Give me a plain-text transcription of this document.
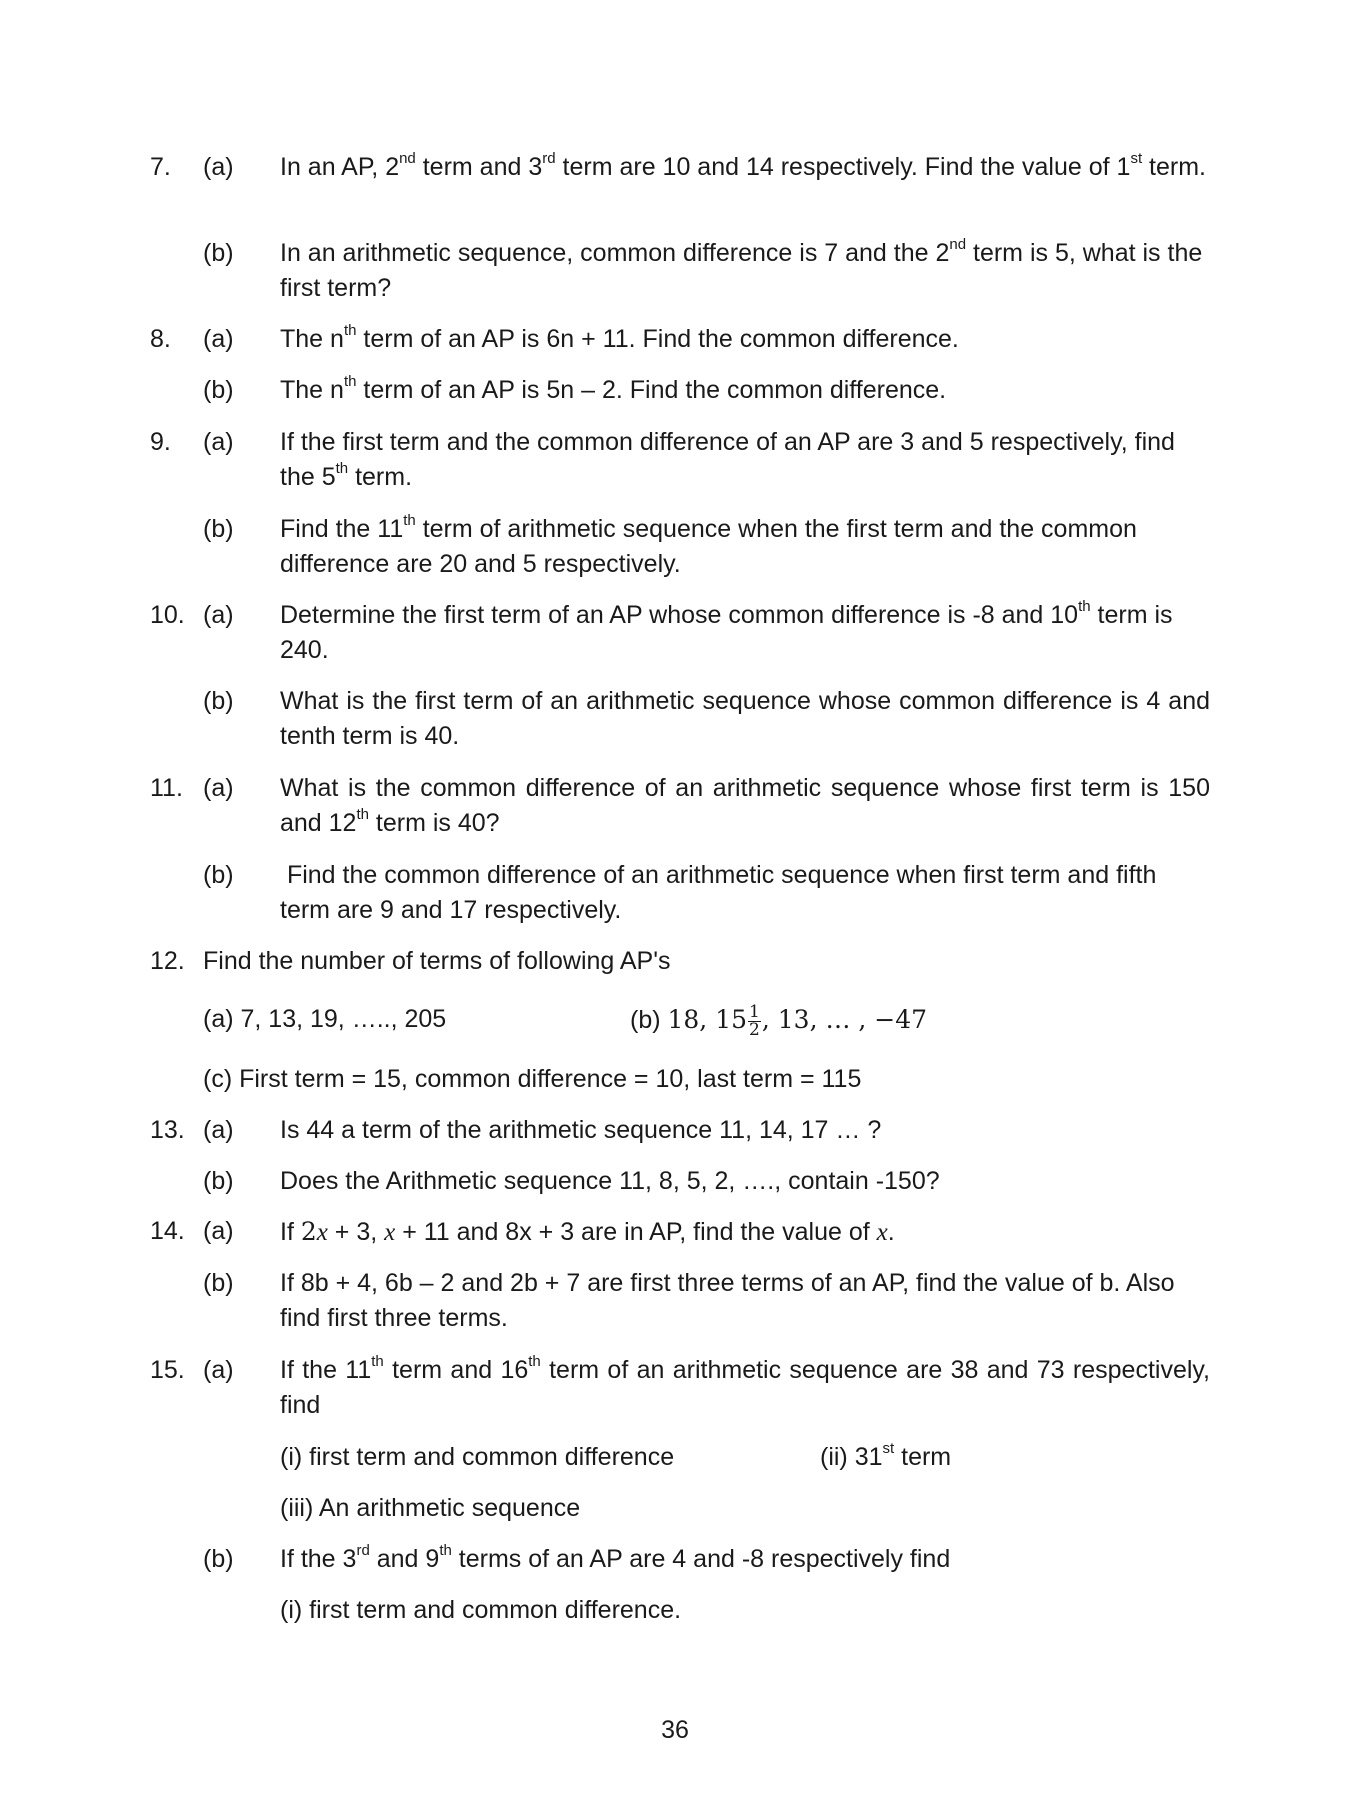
7. (a) In an AP, 2nd term and 3rd term are 10 and 14 respectively. Find the value of 1st term.
(b) In an arithmetic sequence, common difference is 7 and the 2nd term is 5, what is the first term?
8. (a) The $n^{th}$ term of an AP is 6n + 11. Find the common difference.
(b) The $n^{th}$ term of an AP is 5n – 2. Find the common difference.
9. (a) If the first term and the common difference of an AP are 3 and 5 respectively, find the 5th term.
(b) Find the 11th term of arithmetic sequence when the first term and the common difference are 20 and 5 respectively.
10. (a) Determine the first term of an AP whose common difference is -8 and 10th term is 240.
(b) What is the first term of an arithmetic sequence whose common difference is 4 and tenth term is 40.
11. (a) What is the common difference of an arithmetic sequence whose first term is 150 and 12th term is 40?
(b) Find the common difference of an arithmetic sequence when first term and fifth term are 9 and 17 respectively.
12. Find the number of terms of following AP's
(a) 7, 13, 19, ….., 205	(b) 18, $15 \frac{1}{2}$ , 13, … , −47
(c) First term = 15, common difference = 10, last term = 115
13. (a) Is 44 a term of the arithmetic sequence 11, 14, 17 … ?
(b) Does the Arithmetic sequence 11, 8, 5, 2, …., contain -150?
14. (a) If 2x + 3, x + 11 and 8x + 3 are in AP, find the value of x.
(b) If 8b + 4, 6b – 2 and 2b + 7 are first three terms of an AP, find the value of b. Also find first three terms.
15. (a) If the 11th term and 16th term of an arithmetic sequence are 38 and 73 respectively, find
(i) first term and common difference	(ii) 31st term
(iii) An arithmetic sequence
(b) If the 3rd and 9th terms of an AP are 4 and -8 respectively find
(i) first term and common difference.
36
